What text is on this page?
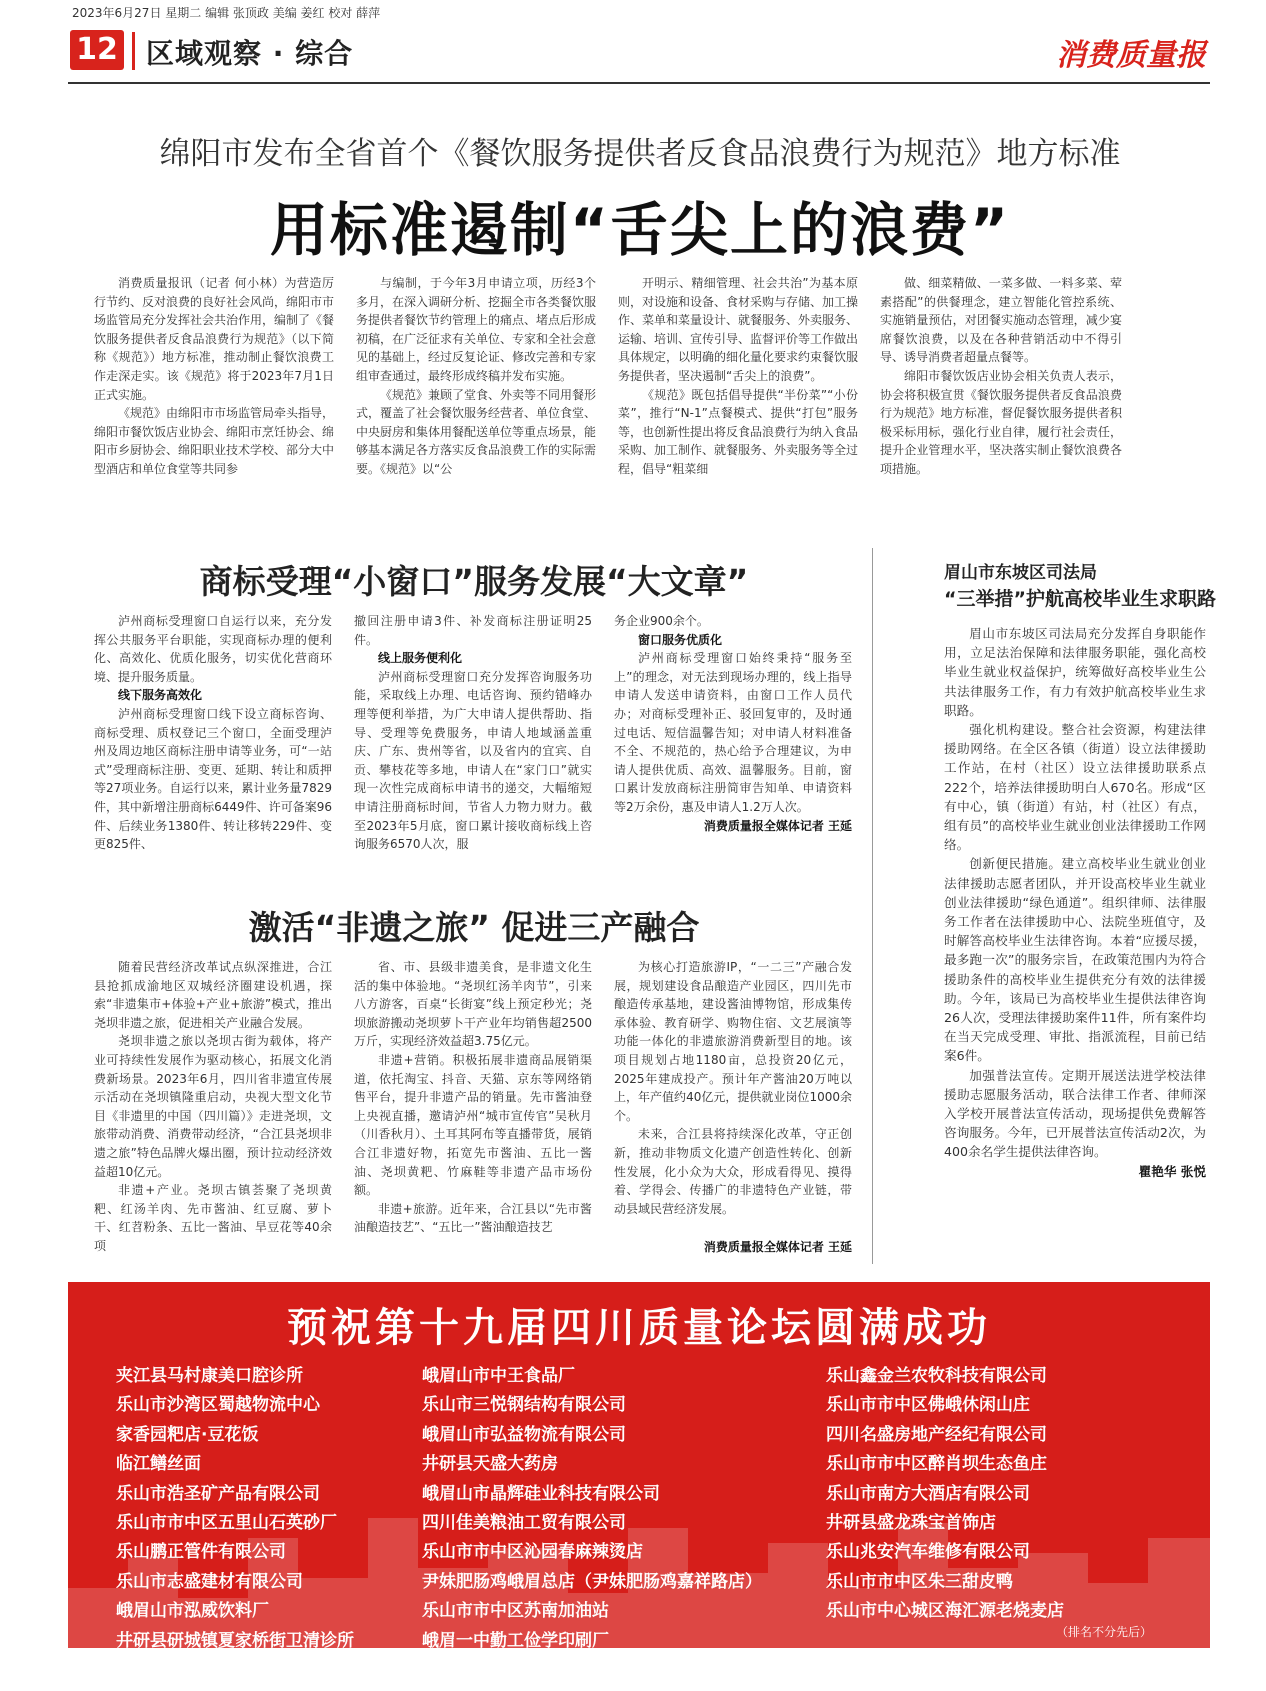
2023年6月27日 星期二 编辑 张顶政 美编 姜红 校对 薛萍
12 区域观察 · 综合	消费质量报
绵阳市发布全省首个《餐饮服务提供者反食品浪费行为规范》地方标准
用标准遏制“舌尖上的浪费”

消费质量报讯（记者 何小林）为营造厉行节约、反对浪费的良好社会风尚，绵阳市市场监管局充分发挥社会共治作用，编制了《餐饮服务提供者反食品浪费行为规范》（以下简称《规范》）地方标准，推动制止餐饮浪费工作走深走实。该《规范》将于2023年7月1日正式实施。

《规范》由绵阳市市场监管局牵头指导，绵阳市餐饮饭店业协会、绵阳市烹饪协会、绵阳市乡厨协会、绵阳职业技术学校、部分大中型酒店和单位食堂等共同参

与编制，于今年3月申请立项，历经3个多月，在深入调研分析、挖掘全市各类餐饮服务提供者餐饮节约管理上的痛点、堵点后形成初稿，在广泛征求有关单位、专家和全社会意见的基础上，经过反复论证、修改完善和专家组审查通过，最终形成终稿并发布实施。

《规范》兼顾了堂食、外卖等不同用餐形式，覆盖了社会餐饮服务经营者、单位食堂、中央厨房和集体用餐配送单位等重点场景，能够基本满足各方落实反食品浪费工作的实际需要。《规范》以“公

开明示、精细管理、社会共治”为基本原则，对设施和设备、食材采购与存储、加工操作、菜单和菜量设计、就餐服务、外卖服务、运输、培训、宣传引导、监督评价等工作做出具体规定，以明确的细化量化要求约束餐饮服务提供者，坚决遏制“舌尖上的浪费”。

《规范》既包括倡导提供“半份菜”“小份菜”，推行“N-1”点餐模式、提供“打包”服务等，也创新性提出将反食品浪费行为纳入食品采购、加工制作、就餐服务、外卖服务等全过程，倡导“粗菜细

做、细菜精做、一菜多做、一料多菜、荤素搭配”的供餐理念，建立智能化管控系统、实施销量预估，对团餐实施动态管理，减少宴席餐饮浪费，以及在各种营销活动中不得引导、诱导消费者超量点餐等。

绵阳市餐饮饭店业协会相关负责人表示，协会将积极宣贯《餐饮服务提供者反食品浪费行为规范》地方标准，督促餐饮服务提供者积极采标用标，强化行业自律，履行社会责任，提升企业管理水平，坚决落实制止餐饮浪费各项措施。

商标受理“小窗口”服务发展“大文章”

泸州商标受理窗口自运行以来，充分发挥公共服务平台职能，实现商标办理的便利化、高效化、优质化服务，切实优化营商环境、提升服务质量。

线下服务高效化

泸州商标受理窗口线下设立商标咨询、商标受理、质权登记三个窗口，全面受理泸州及周边地区商标注册申请等业务，可“一站式”受理商标注册、变更、延期、转让和质押等27项业务。自运行以来，累计业务量7829件，其中新增注册商标6449件、许可备案96件、后续业务1380件、转让移转229件、变更825件、

撤回注册申请3件、补发商标注册证明25件。

线上服务便利化

泸州商标受理窗口充分发挥咨询服务功能，采取线上办理、电话咨询、预约错峰办理等便利举措，为广大申请人提供帮助、指导、受理等免费服务，申请人地域涵盖重庆、广东、贵州等省，以及省内的宜宾、自贡、攀枝花等多地，申请人在“家门口”就实现一次性完成商标申请书的递交，大幅缩短申请注册商标时间，节省人力物力财力。截至2023年5月底，窗口累计接收商标线上咨询服务6570人次，服

务企业900余个。

窗口服务优质化

泸州商标受理窗口始终秉持“服务至上”的理念，对无法到现场办理的，线上指导申请人发送申请资料，由窗口工作人员代办；对商标受理补正、驳回复审的，及时通过电话、短信温馨告知；对申请人材料准备不全、不规范的，热心给予合理建议，为申请人提供优质、高效、温馨服务。目前，窗口累计发放商标注册简审告知单、申请资料等2万余份，惠及申请人1.2万人次。

消费质量报全媒体记者 王延

激活“非遗之旅” 促进三产融合

随着民营经济改革试点纵深推进，合江县抢抓成渝地区双城经济圈建设机遇，探索“非遗集市+体验+产业+旅游”模式，推出尧坝非遗之旅，促进相关产业融合发展。

尧坝非遗之旅以尧坝古街为载体，将产业可持续性发展作为驱动核心，拓展文化消费新场景。2023年6月，四川省非遗宣传展示活动在尧坝镇隆重启动，央视大型文化节目《非遗里的中国（四川篇）》走进尧坝，文旅带动消费、消费带动经济，“合江县尧坝非遗之旅”特色品牌火爆出圈，预计拉动经济效益超10亿元。

非遗+产业。尧坝古镇荟聚了尧坝黄粑、红汤羊肉、先市酱油、红豆腐、萝卜干、红苕粉条、五比一酱油、旱豆花等40余项

省、市、县级非遗美食，是非遗文化生活的集中体验地。“尧坝红汤羊肉节”，引来八方游客，百桌“长街宴”线上预定秒光；尧坝旅游搬动尧坝萝卜干产业年均销售超2500万斤，实现经济效益超3.75亿元。

非遗+营销。积极拓展非遗商品展销渠道，依托淘宝、抖音、天猫、京东等网络销售平台，提升非遗产品的销量。先市酱油登上央视直播，邀请泸州“城市宣传官”吴秋月（川香秋月）、土耳其阿布等直播带货，展销合江非遗好物，拓宽先市酱油、五比一酱油、尧坝黄粑、竹麻鞋等非遗产品市场份额。

非遗+旅游。近年来，合江县以“先市酱油酿造技艺”、“五比一”酱油酿造技艺

为核心打造旅游IP，“一二三”产融合发展，规划建设食品酿造产业园区，四川先市酿造传承基地，建设酱油博物馆，形成集传承体验、教育研学、购物住宿、文艺展演等功能一体化的非遗旅游消费新型目的地。该项目规划占地1180亩，总投资20亿元，2025年建成投产。预计年产酱油20万吨以上，年产值约40亿元，提供就业岗位1000余个。

未来，合江县将持续深化改革，守正创新，推动非物质文化遗产创造性转化、创新性发展，化小众为大众，形成看得见、摸得着、学得会、传播广的非遗特色产业链，带动县域民营经济发展。

消费质量报全媒体记者 王延

眉山市东坡区司法局
“三举措”护航高校毕业生求职路

眉山市东坡区司法局充分发挥自身职能作用，立足法治保障和法律服务职能，强化高校毕业生就业权益保护，统筹做好高校毕业生公共法律服务工作，有力有效护航高校毕业生求职路。

强化机构建设。整合社会资源，构建法律援助网络。在全区各镇（街道）设立法律援助工作站，在村（社区）设立法律援助联系点222个，培养法律援助明白人670名。形成“区有中心，镇（街道）有站，村（社区）有点，组有员”的高校毕业生就业创业法律援助工作网络。

创新便民措施。建立高校毕业生就业创业法律援助志愿者团队，并开设高校毕业生就业创业法律援助“绿色通道”。组织律师、法律服务工作者在法律援助中心、法院坐班值守，及时解答高校毕业生法律咨询。本着“应援尽援，最多跑一次”的服务宗旨，在政策范围内为符合援助条件的高校毕业生提供充分有效的法律援助。今年，该局已为高校毕业生提供法律咨询26人次，受理法律援助案件11件，所有案件均在当天完成受理、审批、指派流程，目前已结案6件。

加强普法宣传。定期开展送法进学校法律援助志愿服务活动，联合法律工作者、律师深入学校开展普法宣传活动，现场提供免费解答咨询服务。今年，已开展普法宣传活动2次，为400余名学生提供法律咨询。

瞿艳华 张悦

预祝第十九届四川质量论坛圆满成功
夹江县马村康美口腔诊所
乐山市沙湾区蜀越物流中心
家香园粑店·豆花饭
临江鳝丝面
乐山市浩圣矿产品有限公司
乐山市市中区五里山石英砂厂
乐山鹏正管件有限公司
乐山市志盛建材有限公司
峨眉山市泓威饮料厂
井研县研城镇夏家桥街卫清诊所
峨眉山市中王食品厂
乐山市三悦钢结构有限公司
峨眉山市弘益物流有限公司
井研县天盛大药房
峨眉山市晶辉硅业科技有限公司
四川佳美粮油工贸有限公司
乐山市市中区沁园春麻辣烫店
尹妹肥肠鸡峨眉总店（尹妹肥肠鸡嘉祥路店）
乐山市市中区苏南加油站
峨眉一中勤工俭学印刷厂
乐山鑫金兰农牧科技有限公司
乐山市市中区佛峨休闲山庄
四川名盛房地产经纪有限公司
乐山市市中区醉肖坝生态鱼庄
乐山市南方大酒店有限公司
井研县盛龙珠宝首饰店
乐山兆安汽车维修有限公司
乐山市市中区朱三甜皮鸭
乐山市中心城区海汇源老烧麦店
（排名不分先后）
